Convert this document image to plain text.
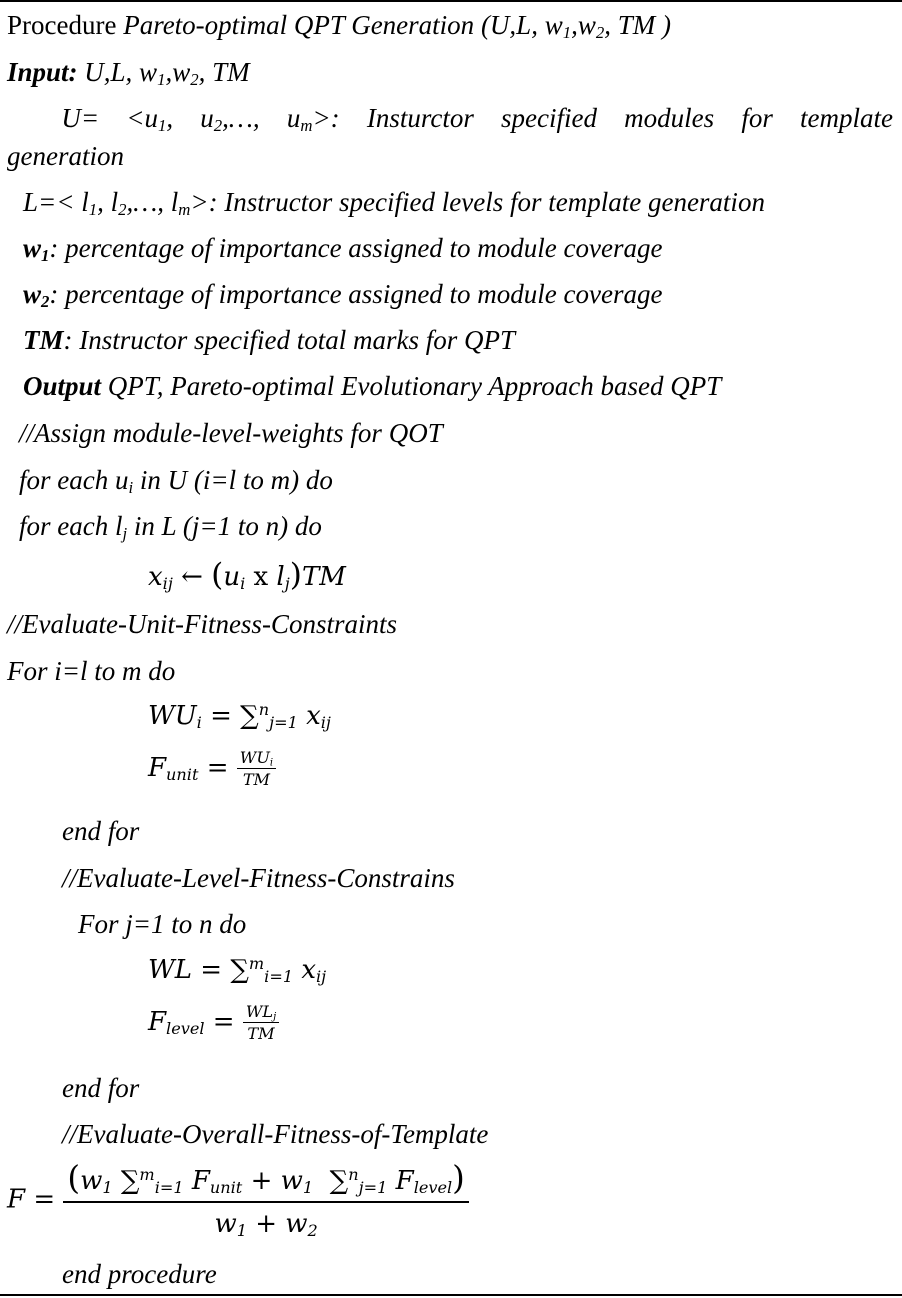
Procedure Pareto-optimal QPT Generation (U,L, $w_1,w_2$, TM )
Input: U,L, $w_1,w_2$, TM
$U= <u_1$, $u_2,\dots$, $u_m>$: Insturctor specified modules for template
generation
$L=< l_1$, $l_2,\dots$, $l_m>$: Instructor specified levels for template generation
$w_1$: percentage of importance assigned to module coverage
$w_2$: percentage of importance assigned to module coverage
TM: Instructor specified total marks for QPT
Output QPT, Pareto-optimal Evolutionary Approach based QPT
//Assign module-level-weights for QOT
for each $u_i$ in U (i=l to m) do
for each $l_j$ in L (j=1 to n) do
$x_{ij}$ ← ($u_i$ x $l_j)TM$
//Evaluate-Unit-Fitness-Constraints
For i=l to m do
$WU_i = \sum^n_{j=1}$ $x_{ij}$
$F_{unit} = \frac{WU_i}{TM}$
end for
//Evaluate-Level-Fitness-Constrains
For j=1 to n do
WL = ∑$^m_{i=1}$ $x_{ij}$
$F_{level} = \frac{WL_j}{TM}$
end for
//Evaluate-Overall-Fitness-of-Template
$F = \frac{(w_1 \sum^m_{i=1} F_{unit} + w_1 \sum^n_{j=1} F_{level})}{w_1 + w_2}$
end procedure
